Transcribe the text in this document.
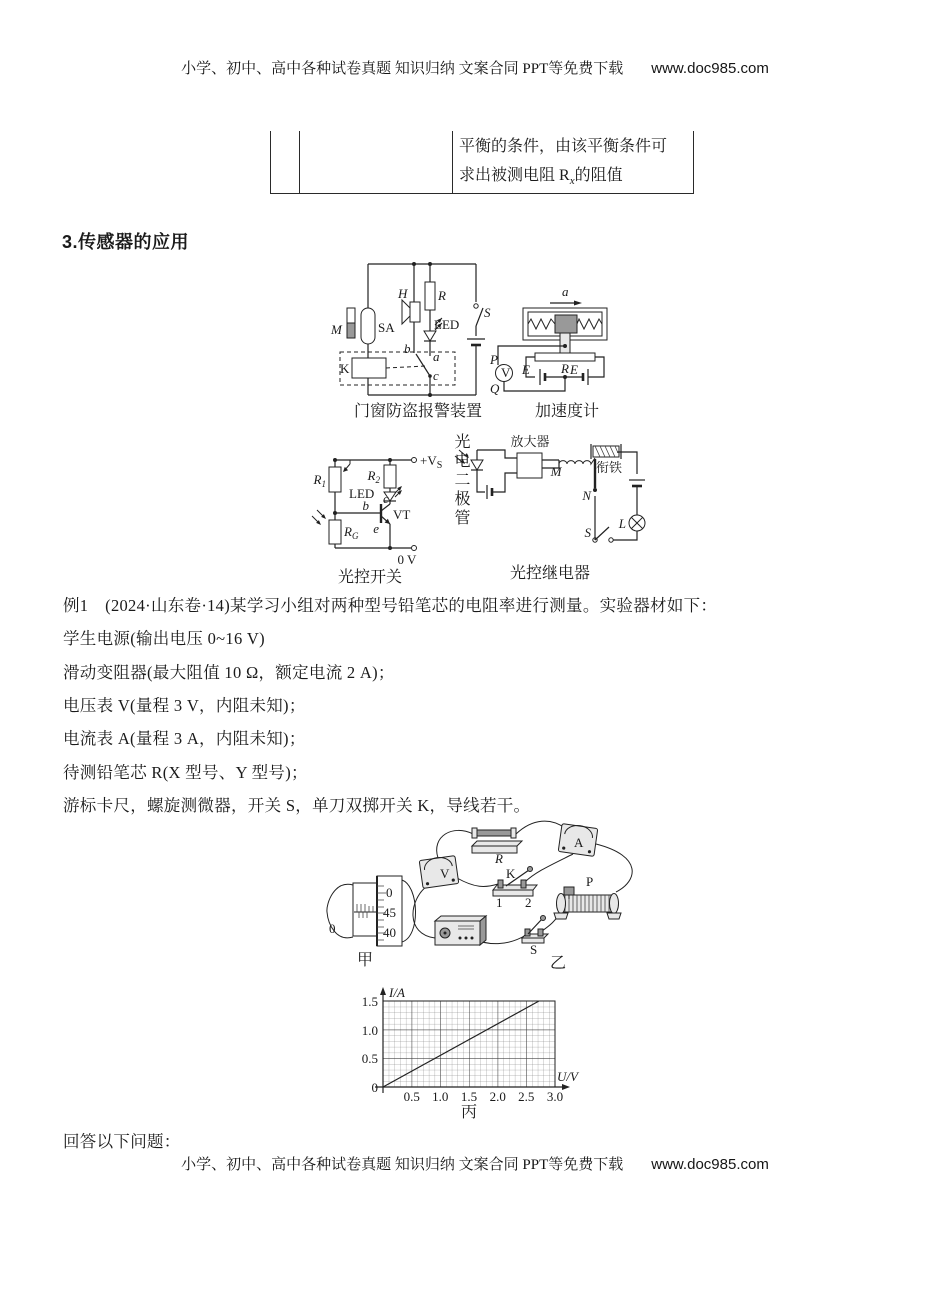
小学、初中、高中各种试卷真题 知识归纳 文案合同 PPT等免费下载 www.doc985.com
平衡的条件，由该平衡条件可
求出被测电阻 $R_x$的阻值
3.传感器的应用
M	SA
H R
LED
S
K
b
a
c
门窗防盗报警装置
a
V
P
Q
R
E	E
加速度计
$R_1$
$R_2$
$R_G$
LED
b c
e
VT
$+V_S$
0 V
光控开关
光电二极管	放大器
M	衔铁
N
S
L
光控继电器
例1　(2024·山东卷·14)某学习小组对两种型号铅笔芯的电阻率进行测量。实验器材如下：
学生电源(输出电压 0~16 V)
滑动变阻器(最大阻值 10 Ω，额定电流 2 A)；
电压表 V(量程 3 V，内阻未知)；
电流表 A(量程 3 A，内阻未知)；
待测铅笔芯 R(X 型号、Y 型号)；
游标卡尺，螺旋测微器，开关 S，单刀双掷开关 K，导线若干。
0
0
45
40
甲
V
R
A
K
1 2
P
S
乙
I/A
U/V
1.5
1.0
0.5
0
0.5 1.0 1.5 2.0 2.5 3.0
丙
回答以下问题：
小学、初中、高中各种试卷真题 知识归纳 文案合同 PPT等免费下载 www.doc985.com
